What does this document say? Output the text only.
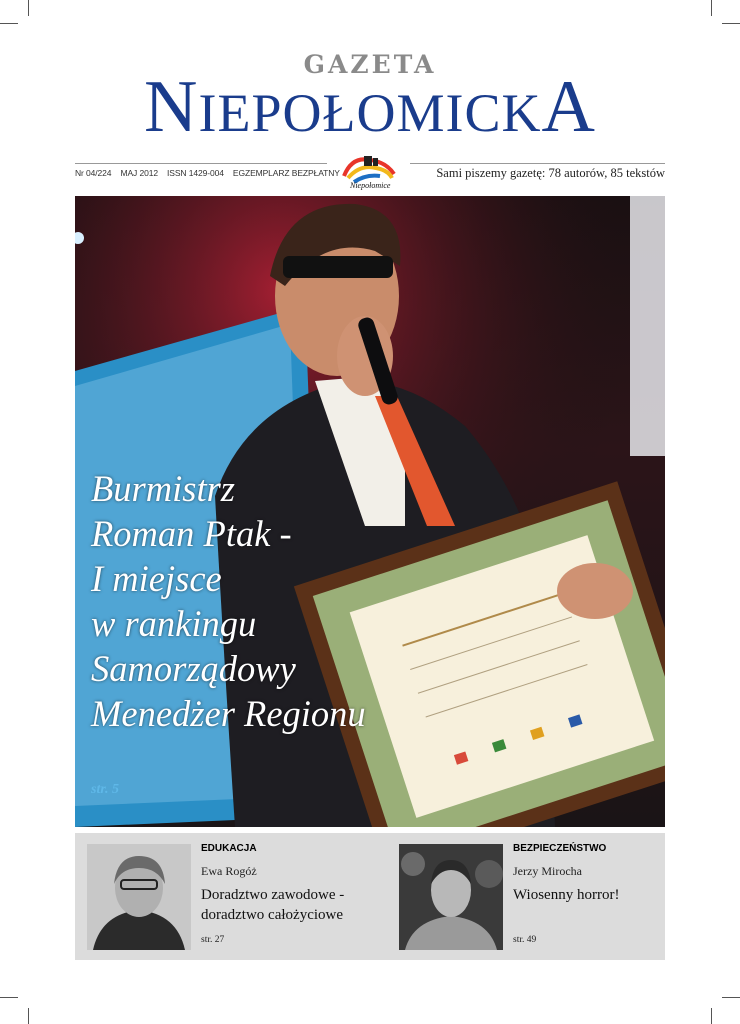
GAZETA
NIEPOŁOMICKA
Nr 04/224 MAJ 2012 ISSN 1429-004 EGZEMPLARZ BEZPŁATNY
Niepołomice
Sami piszemy gazetę: 78 autorów, 85 tekstów
Burmistrz
Roman Ptak -
I miejsce
w rankingu
Samorządowy
Menedżer Regionu
str. 5
EDUKACJA
Ewa Rogóż
Doradztwo zawodowe -
doradztwo całożyciowe
str. 27
BEZPIECZEŃSTWO
Jerzy Mirocha
Wiosenny horror!
str. 49
